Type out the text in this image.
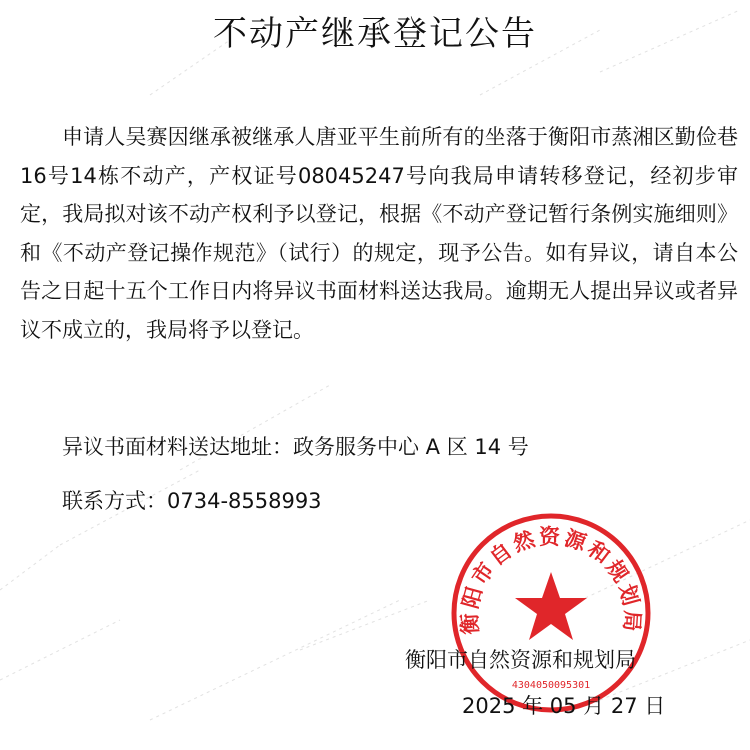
不动产继承登记公告

申请人吴赛因继承被继承人唐亚平生前所有的坐落于衡阳市蒸湘区勤俭巷16号14栋不动产，产权证号08045247号向我局申请转移登记，经初步审定，我局拟对该不动产权利予以登记，根据《不动产登记暂行条例实施细则》和《不动产登记操作规范》（试行）的规定，现予公告。如有异议，请自本公告之日起十五个工作日内将异议书面材料送达我局。逾期无人提出异议或者异议不成立的，我局将予以登记。

异议书面材料送达地址：政务服务中心 A 区 14 号

联系方式：0734-8558993

衡阳市自然资源和规划局
4304050095301

衡阳市自然资源和规划局

2025 年 05 月 27 日
